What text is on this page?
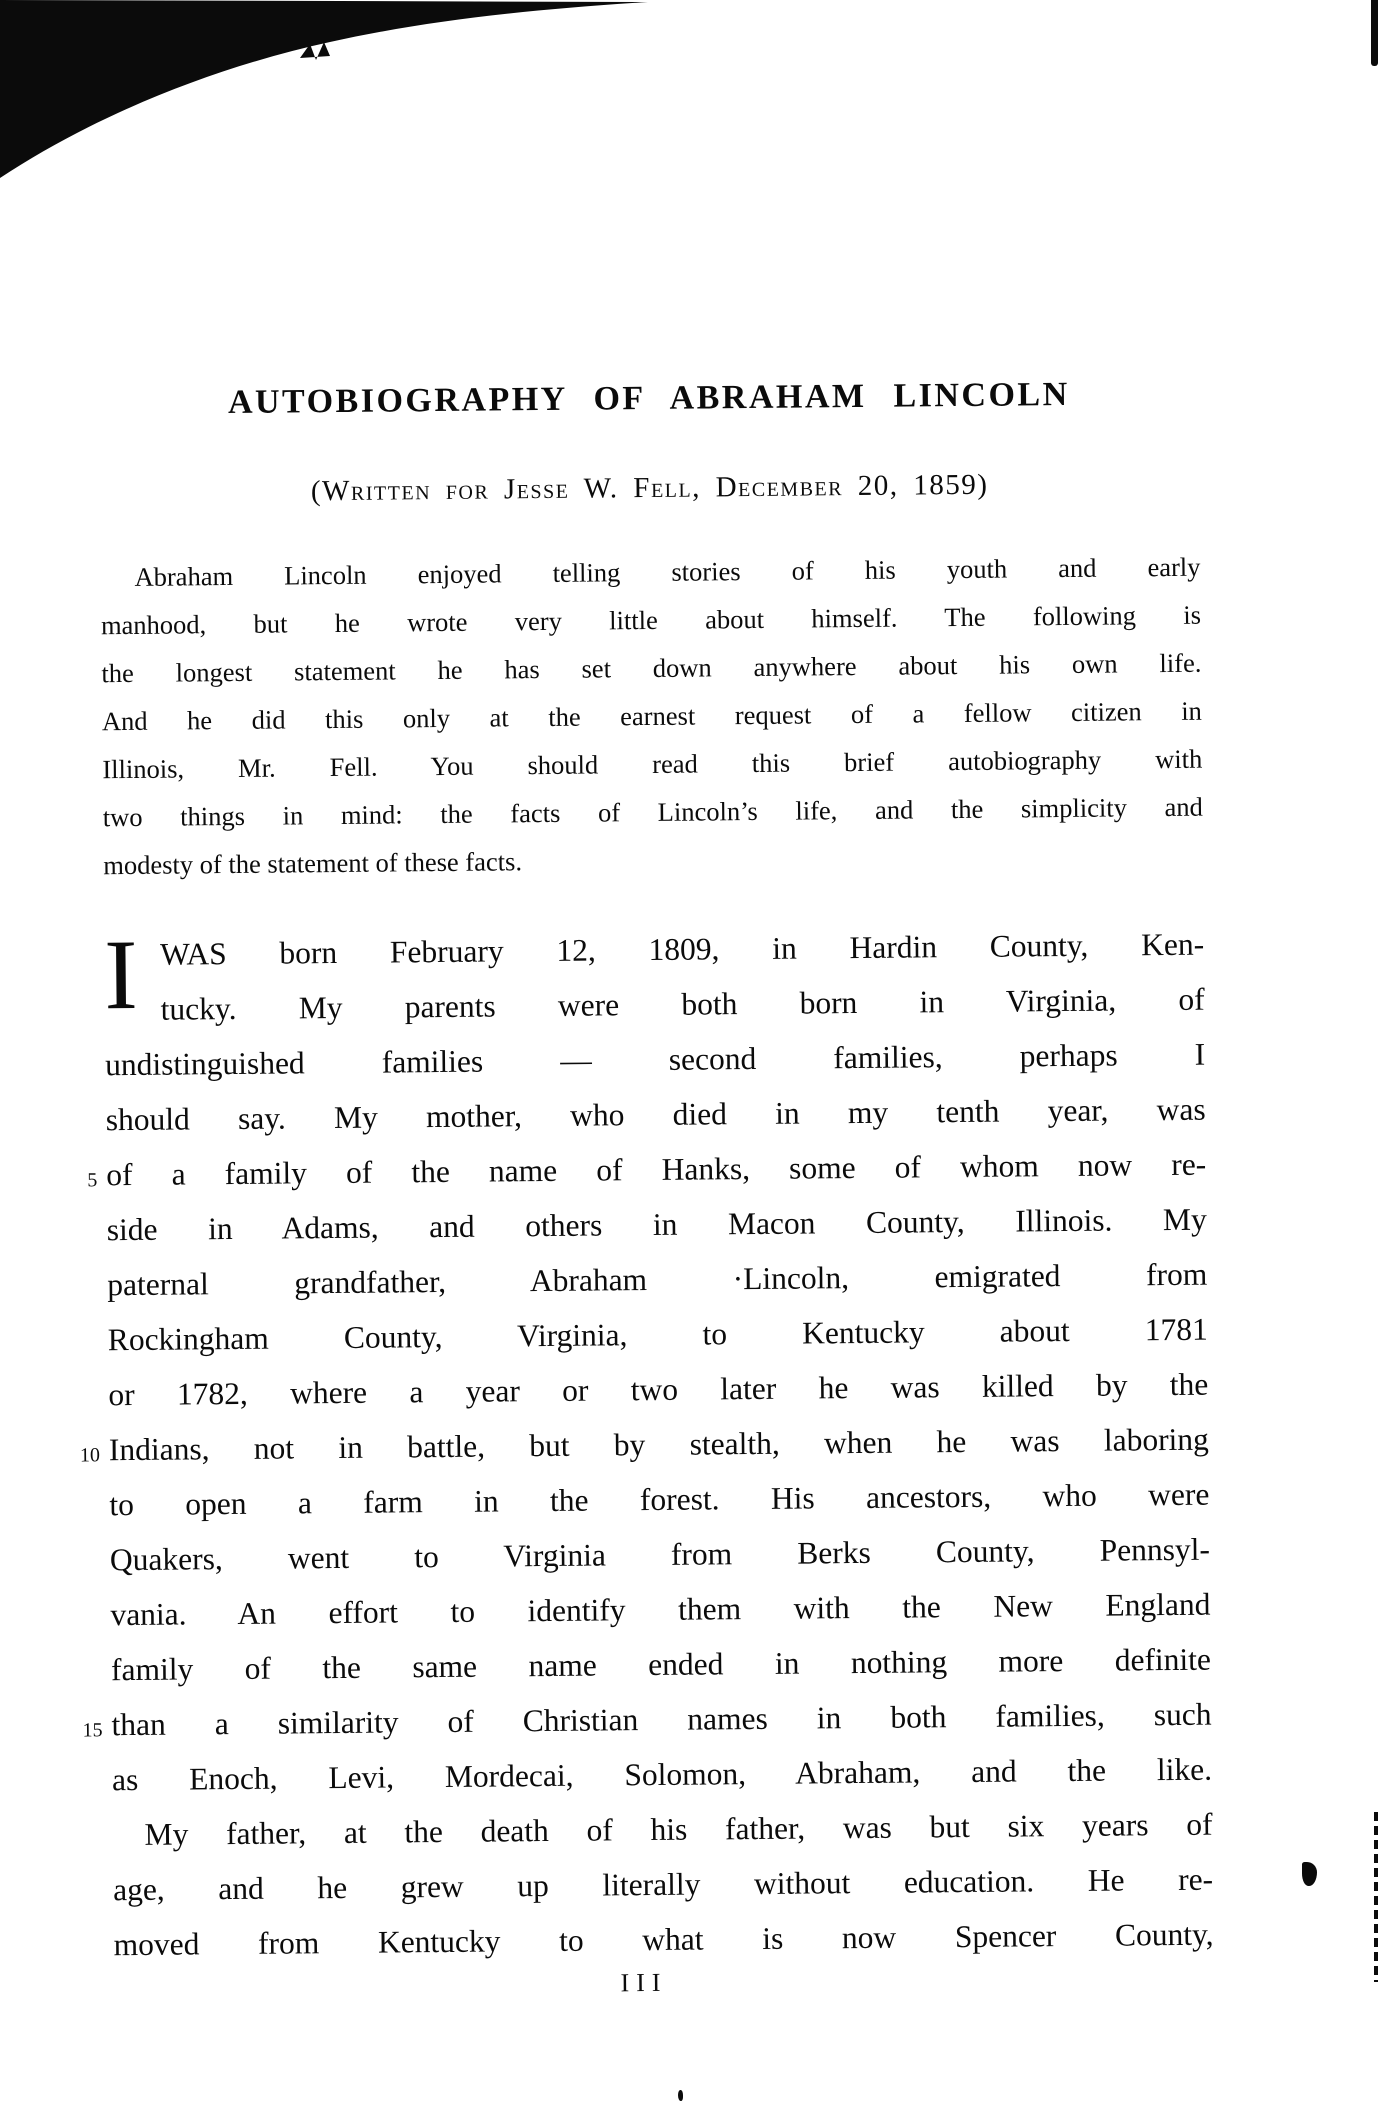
AUTOBIOGRAPHY OF ABRAHAM LINCOLN
(Written for Jesse W. Fell, December 20, 1859)
Abraham Lincoln enjoyed telling stories of his youth and early
manhood, but he wrote very little about himself. The following is
the longest statement he has set down anywhere about his own life.
And he did this only at the earnest request of a fellow citizen in
Illinois, Mr. Fell. You should read this brief autobiography with
two things in mind: the facts of Lincoln’s life, and the simplicity and
modesty of the statement of these facts.
5
10
15
I WAS born February 12, 1809, in Hardin County, Ken-
tucky. My parents were both born in Virginia, of
undistinguished families — second families, perhaps I
should say. My mother, who died in my tenth year, was
of a family of the name of Hanks, some of whom now re-
side in Adams, and others in Macon County, Illinois. My
paternal grandfather, Abraham ·Lincoln, emigrated from
Rockingham County, Virginia, to Kentucky about 1781
or 1782, where a year or two later he was killed by the
Indians, not in battle, but by stealth, when he was laboring
to open a farm in the forest. His ancestors, who were
Quakers, went to Virginia from Berks County, Pennsyl-
vania. An effort to identify them with the New England
family of the same name ended in nothing more definite
than a similarity of Christian names in both families, such
as Enoch, Levi, Mordecai, Solomon, Abraham, and the like.
My father, at the death of his father, was but six years of
age, and he grew up literally without education. He re-
moved from Kentucky to what is now Spencer County,
III
